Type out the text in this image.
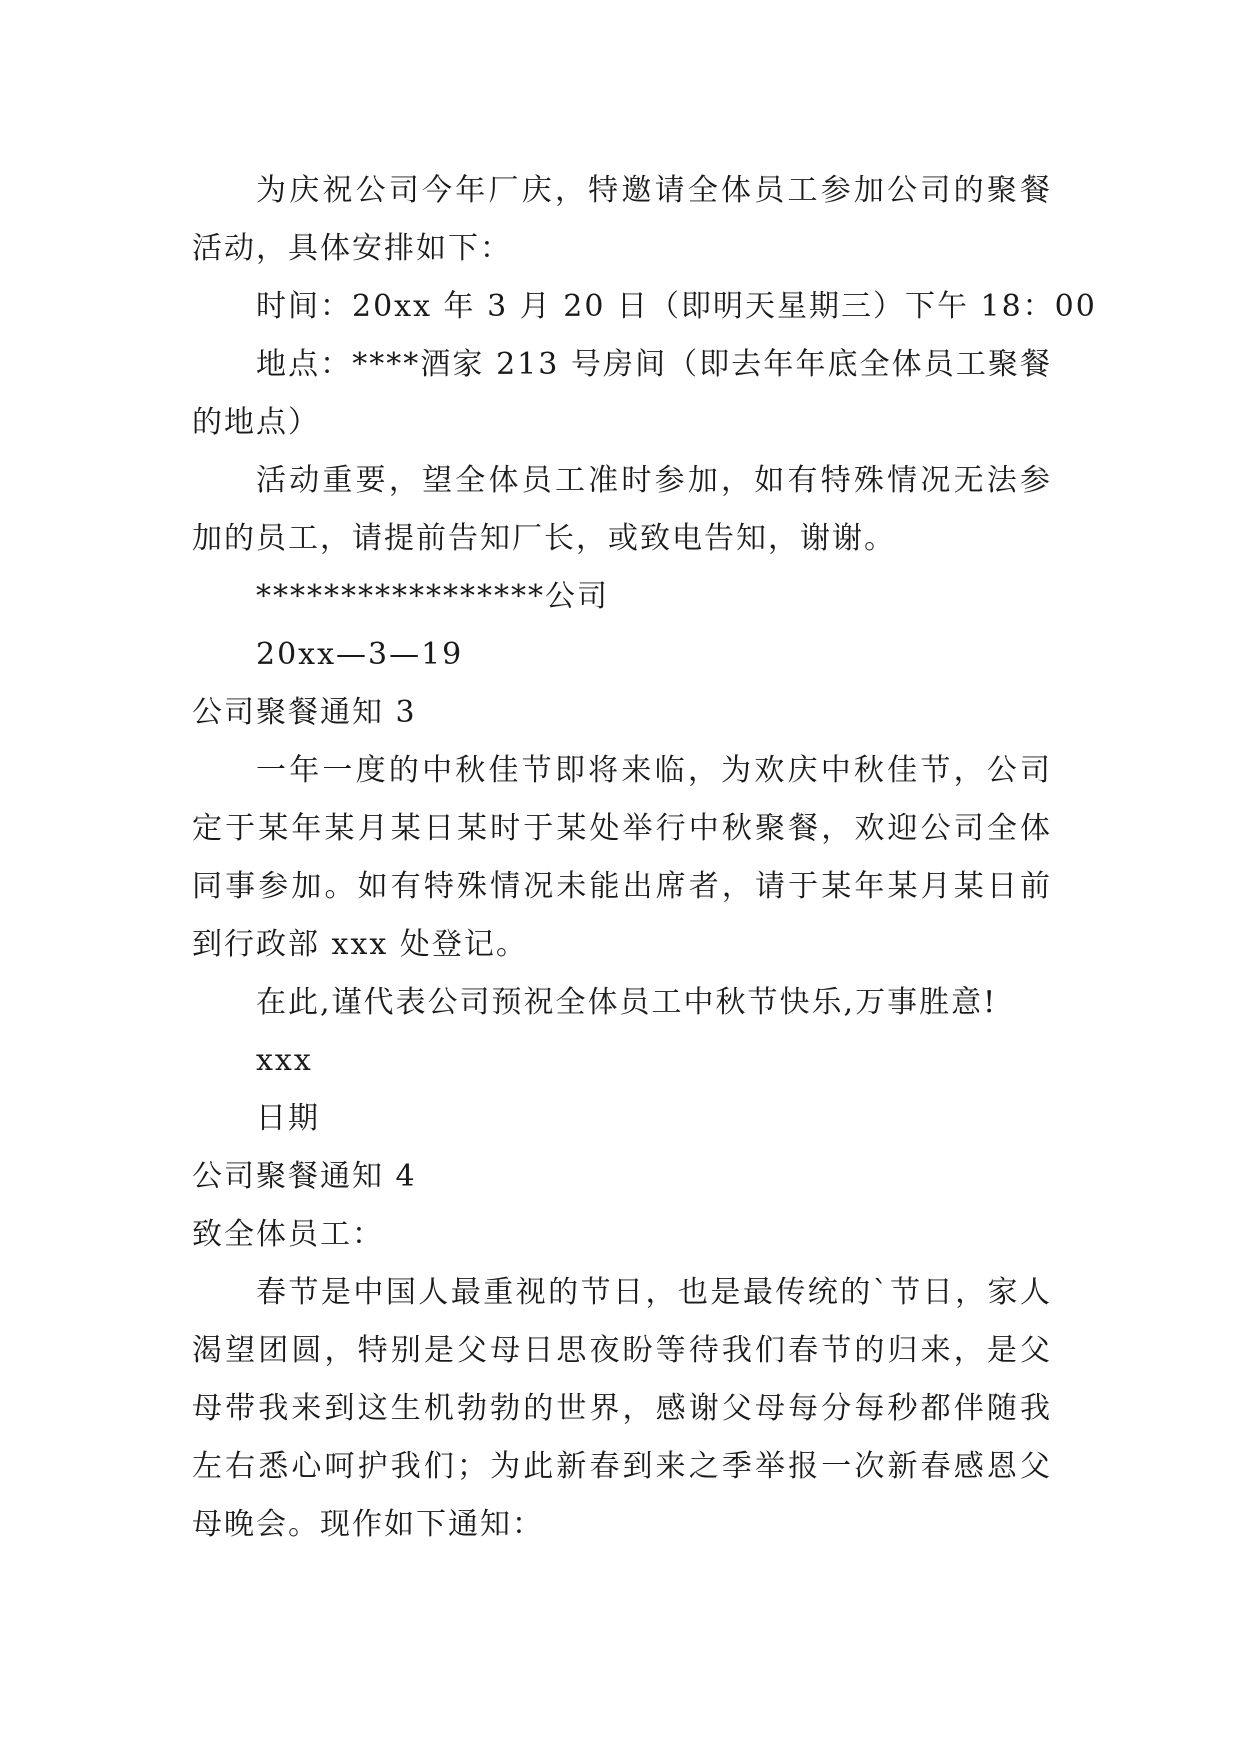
为庆祝公司今年厂庆，特邀请全体员工参加公司的聚餐活动，具体安排如下：

时间：20xx 年 3 月 20 日（即明天星期三）下午 18：00

地点：****酒家 213 号房间（即去年年底全体员工聚餐的地点）

活动重要，望全体员工准时参加，如有特殊情况无法参加的员工，请提前告知厂长，或致电告知，谢谢。

*****************公司

20xx—3—19

公司聚餐通知 3

一年一度的中秋佳节即将来临，为欢庆中秋佳节，公司定于某年某月某日某时于某处举行中秋聚餐，欢迎公司全体同事参加。如有特殊情况未能出席者，请于某年某月某日前到行政部 xxx 处登记。

在此,谨代表公司预祝全体员工中秋节快乐,万事胜意!

xxx

日期

公司聚餐通知 4

致全体员工：

春节是中国人最重视的节日，也是最传统的`节日，家人渴望团圆，特别是父母日思夜盼等待我们春节的归来，是父母带我来到这生机勃勃的世界，感谢父母每分每秒都伴随我左右悉心呵护我们；为此新春到来之季举报一次新春感恩父母晚会。现作如下通知：
